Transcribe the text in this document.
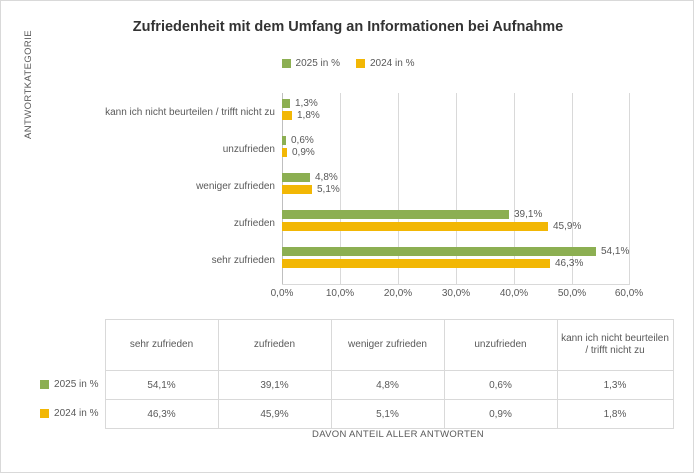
Zufriedenheit mit dem Umfang an Informationen bei Aufnahme
2025 in %	2024 in %
ANTWORTKATEGORIE	kann ich nicht beurteilen / trifft nicht zu
1,3%
1,8%
unzufrieden
0,6%
0,9%
weniger zufrieden
4,8%
5,1%
zufrieden
39,1%
45,9%
sehr zufrieden
54,1%
46,3%
0,0%	10,0%	20,0%	30,0%	40,0%	50,0%	60,0%
	sehr zufrieden	zufrieden	weniger zufrieden	unzufrieden	kann ich nicht beurteilen / trifft nicht zu

2025 in %	54,1%	39,1%	4,8%	0,6%	1,3%

2024 in %	46,3%	45,9%	5,1%	0,9%	1,8%
DAVON ANTEIL ALLER ANTWORTEN
